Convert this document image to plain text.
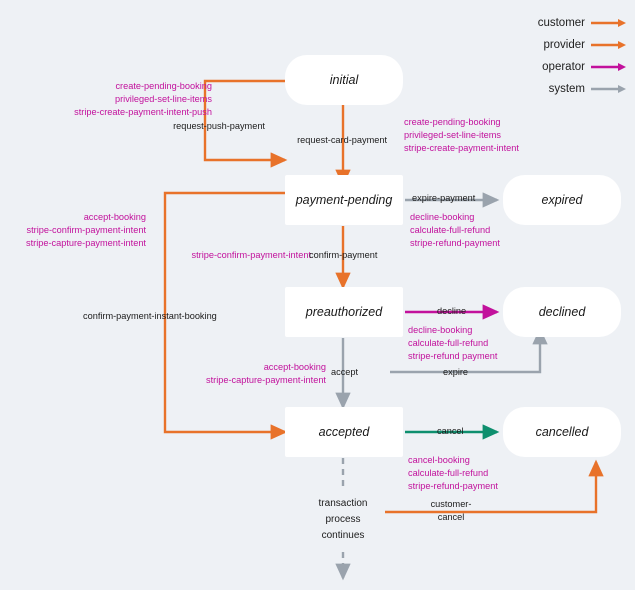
customer
provider
operator
system
initial
payment-pending	expired
preauthorized	declined
accepted	cancelled
create-pending-booking
privileged-set-line-items
stripe-create-payment-intent-push
request-push-payment
request-card-payment
create-pending-booking
privileged-set-line-items
stripe-create-payment-intent
expire-payment
decline-booking
calculate-full-refund
stripe-refund-payment
accept-booking
stripe-confirm-payment-intent
stripe-capture-payment-intent
stripe-confirm-payment-intent
confirm-payment
confirm-payment-instant-booking	decline
decline-booking
calculate-full-refund
stripe-refund payment
expire
accept-booking
stripe-capture-payment-intent
accept
cancel
cancel-booking
calculate-full-refund
stripe-refund-payment
customer-
cancel
transaction
process
continues
